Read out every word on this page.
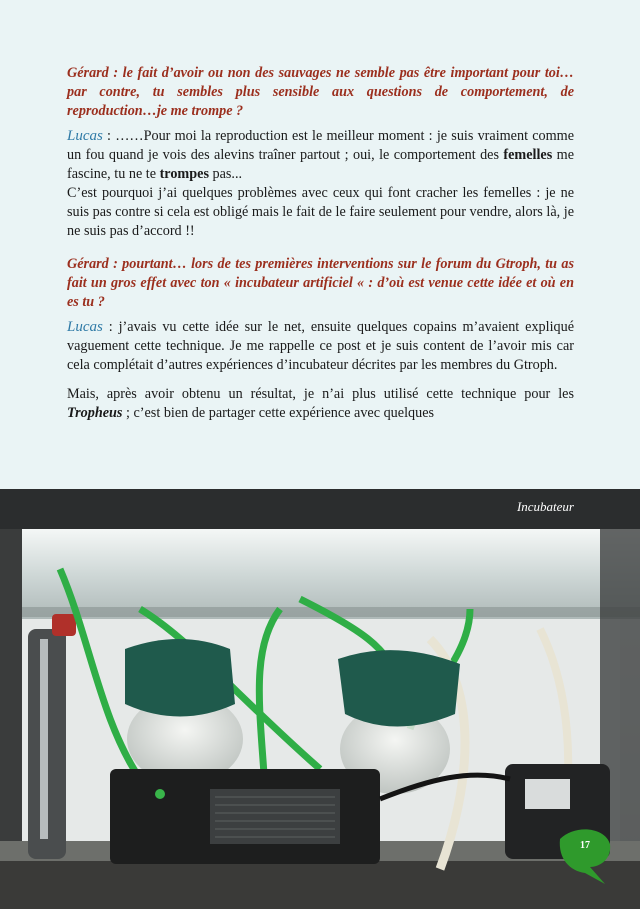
Gérard : le fait d’avoir ou non des sauvages ne semble pas être important pour toi…par contre, tu sembles plus sensible aux questions de comportement, de reproduction…je me trompe ?

Lucas : ……Pour moi la reproduction est le meilleur moment : je suis vraiment comme un fou quand je vois des alevins traîner partout ; oui, le comportement des femelles me fascine, tu ne te trompes pas...

C’est pourquoi j’ai quelques problèmes avec ceux qui font cracher les femelles : je ne suis pas contre si cela est obligé mais le fait de le faire seulement pour vendre, alors là, je ne suis pas d’accord !!

Gérard : pourtant… lors de tes premières interventions sur le forum du Gtroph, tu as fait un gros effet avec ton « incubateur artificiel « : d’où est venue cette idée et où en es tu ?

Lucas : j’avais vu cette idée sur le net, ensuite quelques copains m’avaient expliqué vaguement cette technique. Je me rappelle ce post et je suis content de l’avoir mis car cela complétait d’autres expériences d’incubateur décrites par les membres du Gtroph.

Mais, après avoir obtenu un résultat, je n’ai plus utilisé cette technique pour les Tropheus ; c’est bien de partager cette expérience avec quelques

Incubateur
17
